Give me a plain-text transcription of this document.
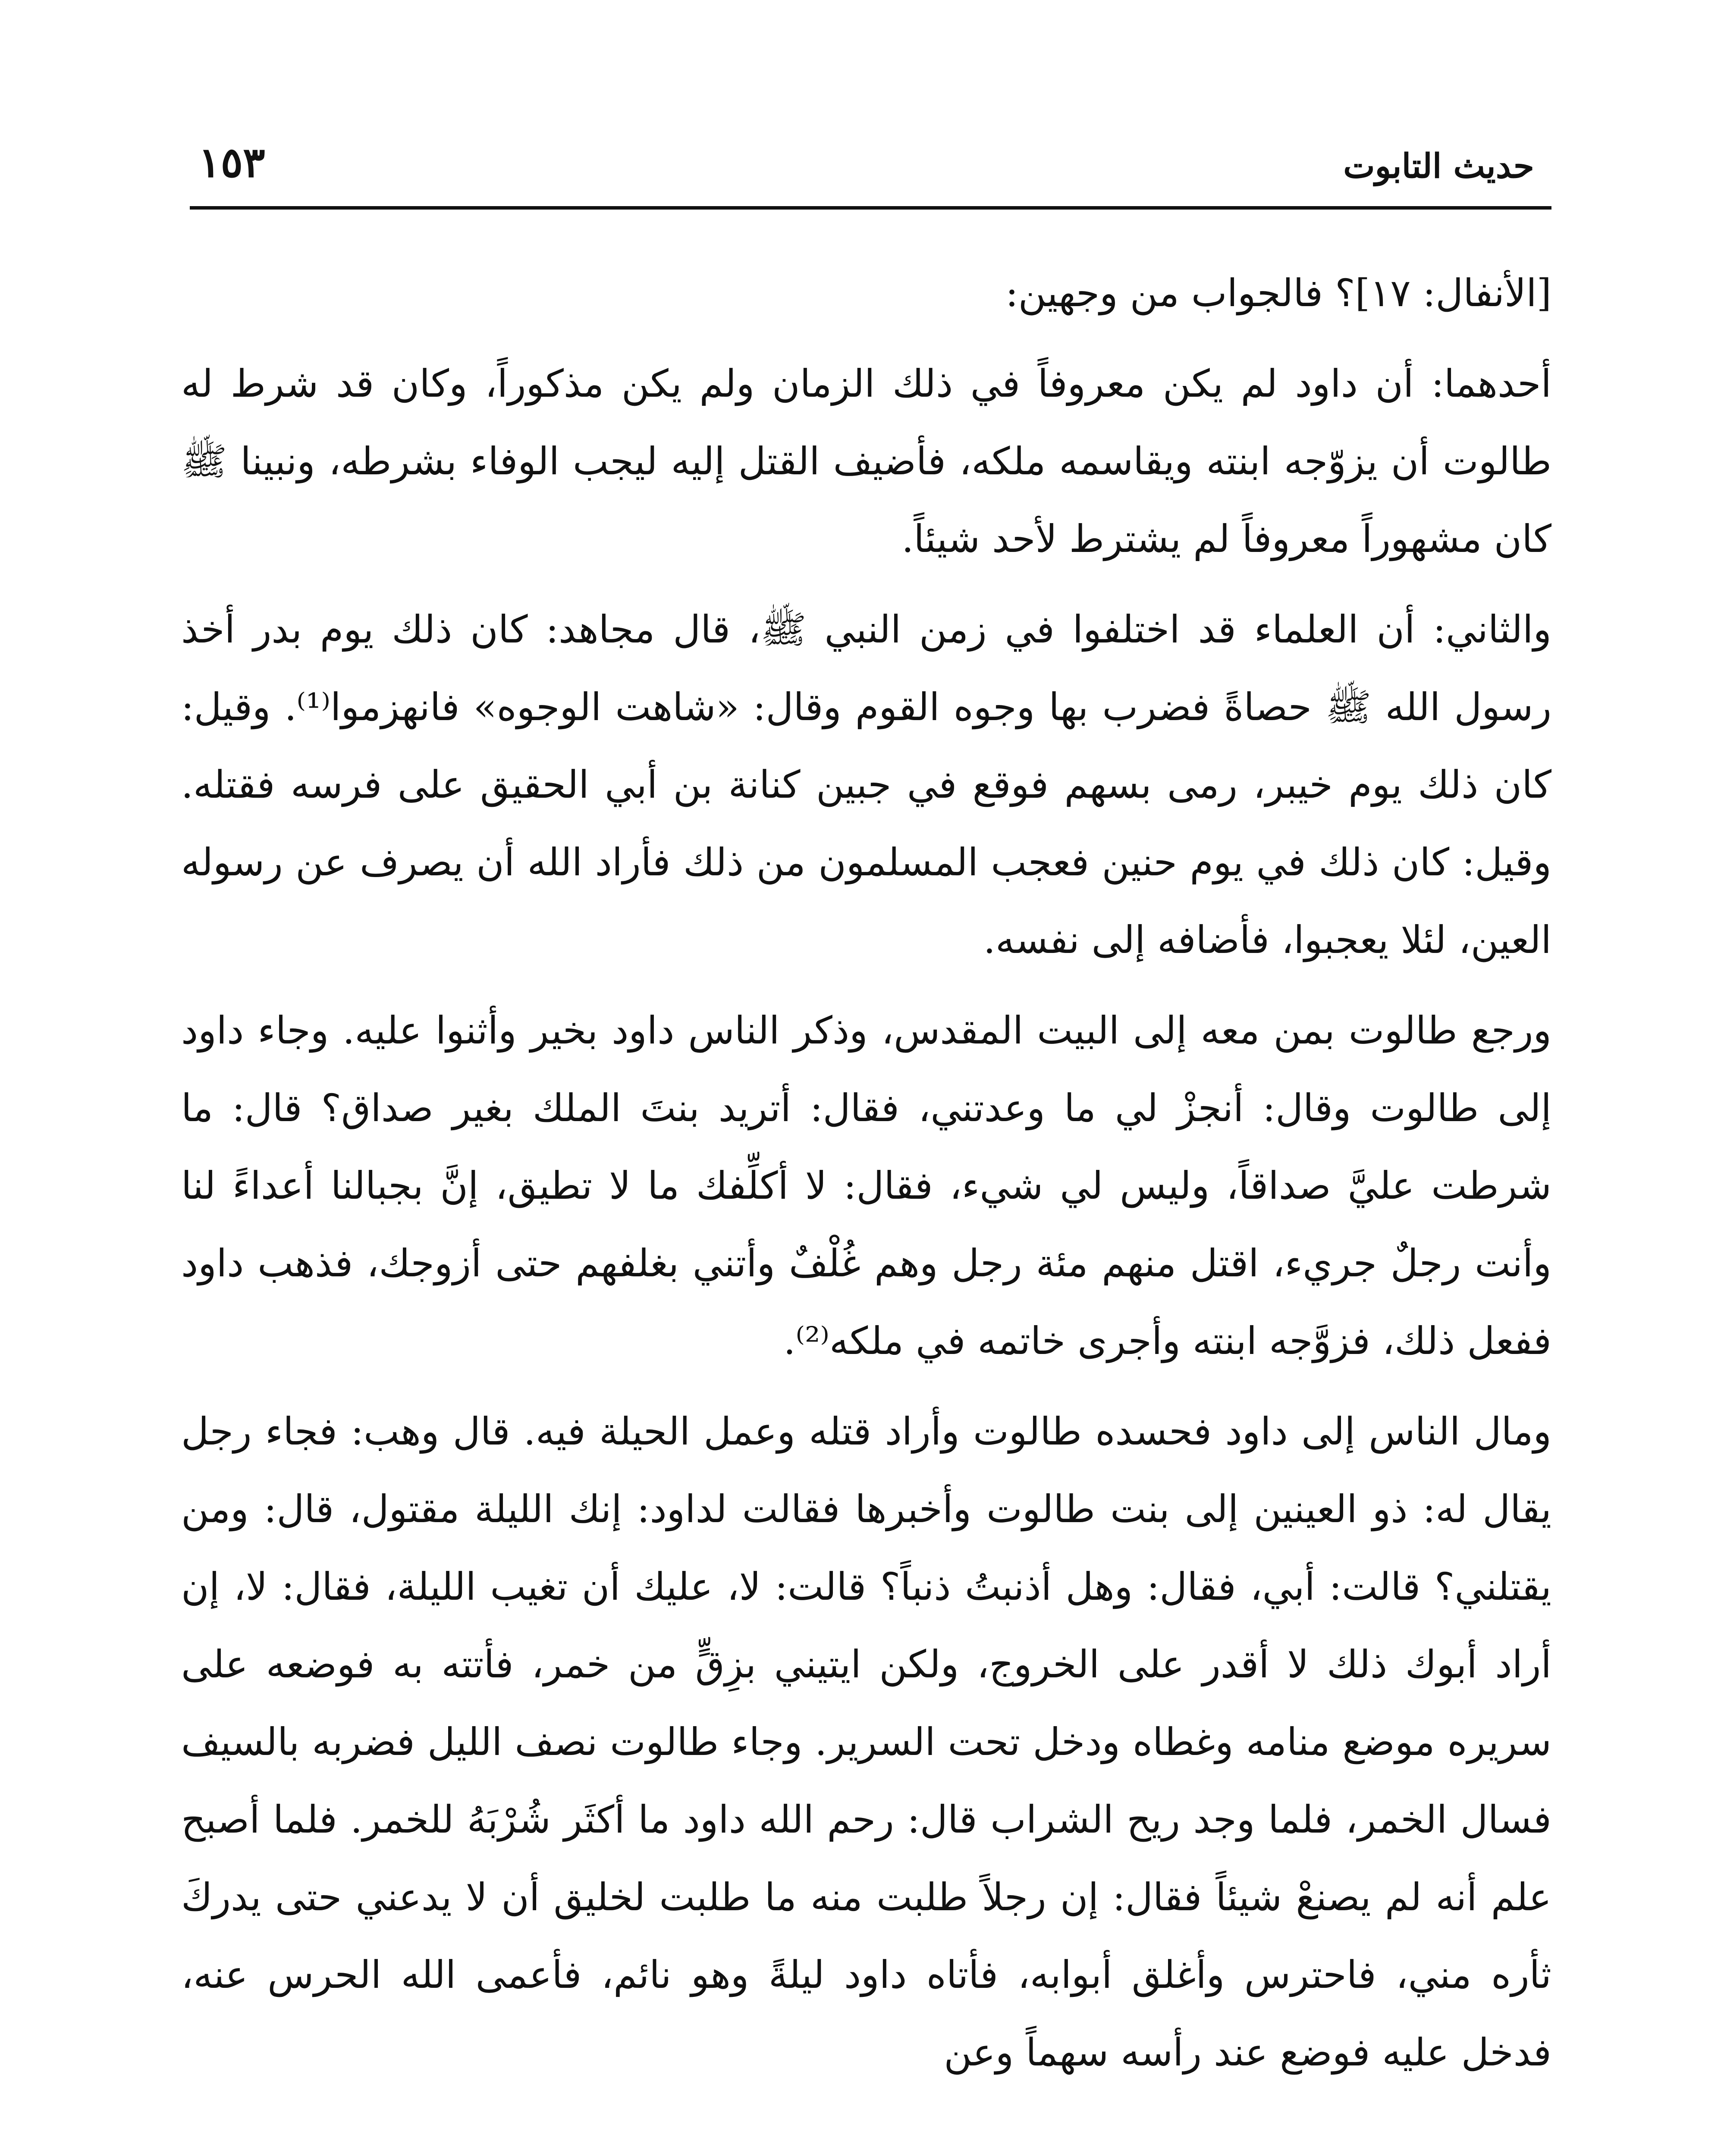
حديث التابوت
١٥٣

[الأنفال: ١٧]؟ فالجواب من وجهين:

أحدهما: أن داود لم يكن معروفاً في ذلك الزمان ولم يكن مذكوراً، وكان قد شرط له طالوت أن يزوّجه ابنته ويقاسمه ملكه، فأضيف القتل إليه ليجب الوفاء بشرطه، ونبينا ﷺ كان مشهوراً معروفاً لم يشترط لأحد شيئاً.

والثاني: أن العلماء قد اختلفوا في زمن النبي ﷺ، قال مجاهد: كان ذلك يوم بدر أخذ رسول الله ﷺ حصاةً فضرب بها وجوه القوم وقال: «شاهت الوجوه» فانهزموا⁽¹⁾. وقيل: كان ذلك يوم خيبر، رمى بسهم فوقع في جبين كنانة بن أبي الحقيق على فرسه فقتله. وقيل: كان ذلك في يوم حنين فعجب المسلمون من ذلك فأراد الله أن يصرف عن رسوله العين، لئلا يعجبوا، فأضافه إلى نفسه.

ورجع طالوت بمن معه إلى البيت المقدس، وذكر الناس داود بخير وأثنوا عليه. وجاء داود إلى طالوت وقال: أنجزْ لي ما وعدتني، فقال: أتريد بنتَ الملك بغير صداق؟ قال: ما شرطت عليَّ صداقاً، وليس لي شيء، فقال: لا أكلِّفك ما لا تطيق، إنَّ بجبالنا أعداءً لنا وأنت رجلٌ جريء، اقتل منهم مئة رجل وهم غُلْفٌ وأتني بغلفهم حتى أزوجك، فذهب داود ففعل ذلك، فزوَّجه ابنته وأجرى خاتمه في ملكه⁽²⁾.

ومال الناس إلى داود فحسده طالوت وأراد قتله وعمل الحيلة فيه. قال وهب: فجاء رجل يقال له: ذو العينين إلى بنت طالوت وأخبرها فقالت لداود: إنك الليلة مقتول، قال: ومن يقتلني؟ قالت: أبي، فقال: وهل أذنبتُ ذنباً؟ قالت: لا، عليك أن تغيب الليلة، فقال: لا، إن أراد أبوك ذلك لا أقدر على الخروج، ولكن ايتيني بزِقٍّ من خمر، فأتته به فوضعه على سريره موضع منامه وغطاه ودخل تحت السرير. وجاء طالوت نصف الليل فضربه بالسيف فسال الخمر، فلما وجد ريح الشراب قال: رحم الله داود ما أكثَر شُرْبَهُ للخمر. فلما أصبح علم أنه لم يصنعْ شيئاً فقال: إن رجلاً طلبت منه ما طلبت لخليق أن لا يدعني حتى يدركَ ثأره مني، فاحترس وأغلق أبوابه، فأتاه داود ليلةً وهو نائم، فأعمى الله الحرس عنه، فدخل عليه فوضع عند رأسه سهماً وعن
